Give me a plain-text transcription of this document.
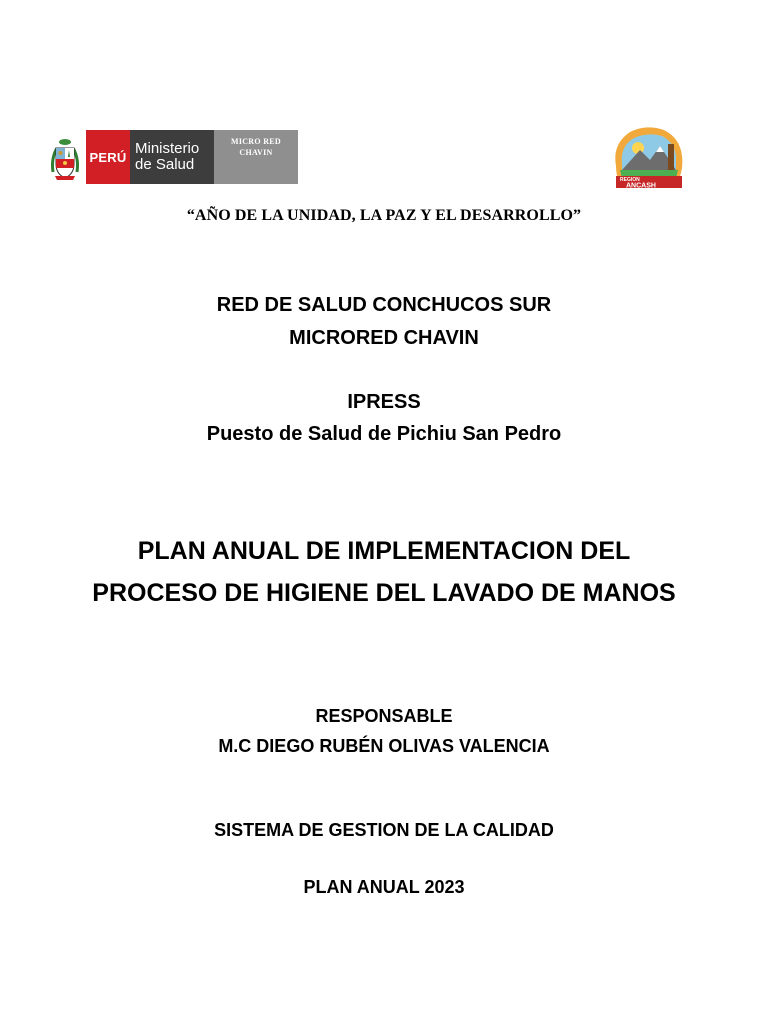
PERÚ Ministerio
de Salud
MICRO RED
CHAVIN
REGION
ANCASH
“AÑO DE LA UNIDAD, LA PAZ Y EL DESARROLLO”
RED DE SALUD CONCHUCOS SUR
MICRORED CHAVIN
IPRESS
Puesto de Salud de Pichiu San Pedro
PLAN ANUAL DE IMPLEMENTACION DEL
PROCESO DE HIGIENE DEL LAVADO DE MANOS
RESPONSABLE
M.C DIEGO RUBÉN OLIVAS VALENCIA
SISTEMA DE GESTION DE LA CALIDAD
PLAN ANUAL 2023
